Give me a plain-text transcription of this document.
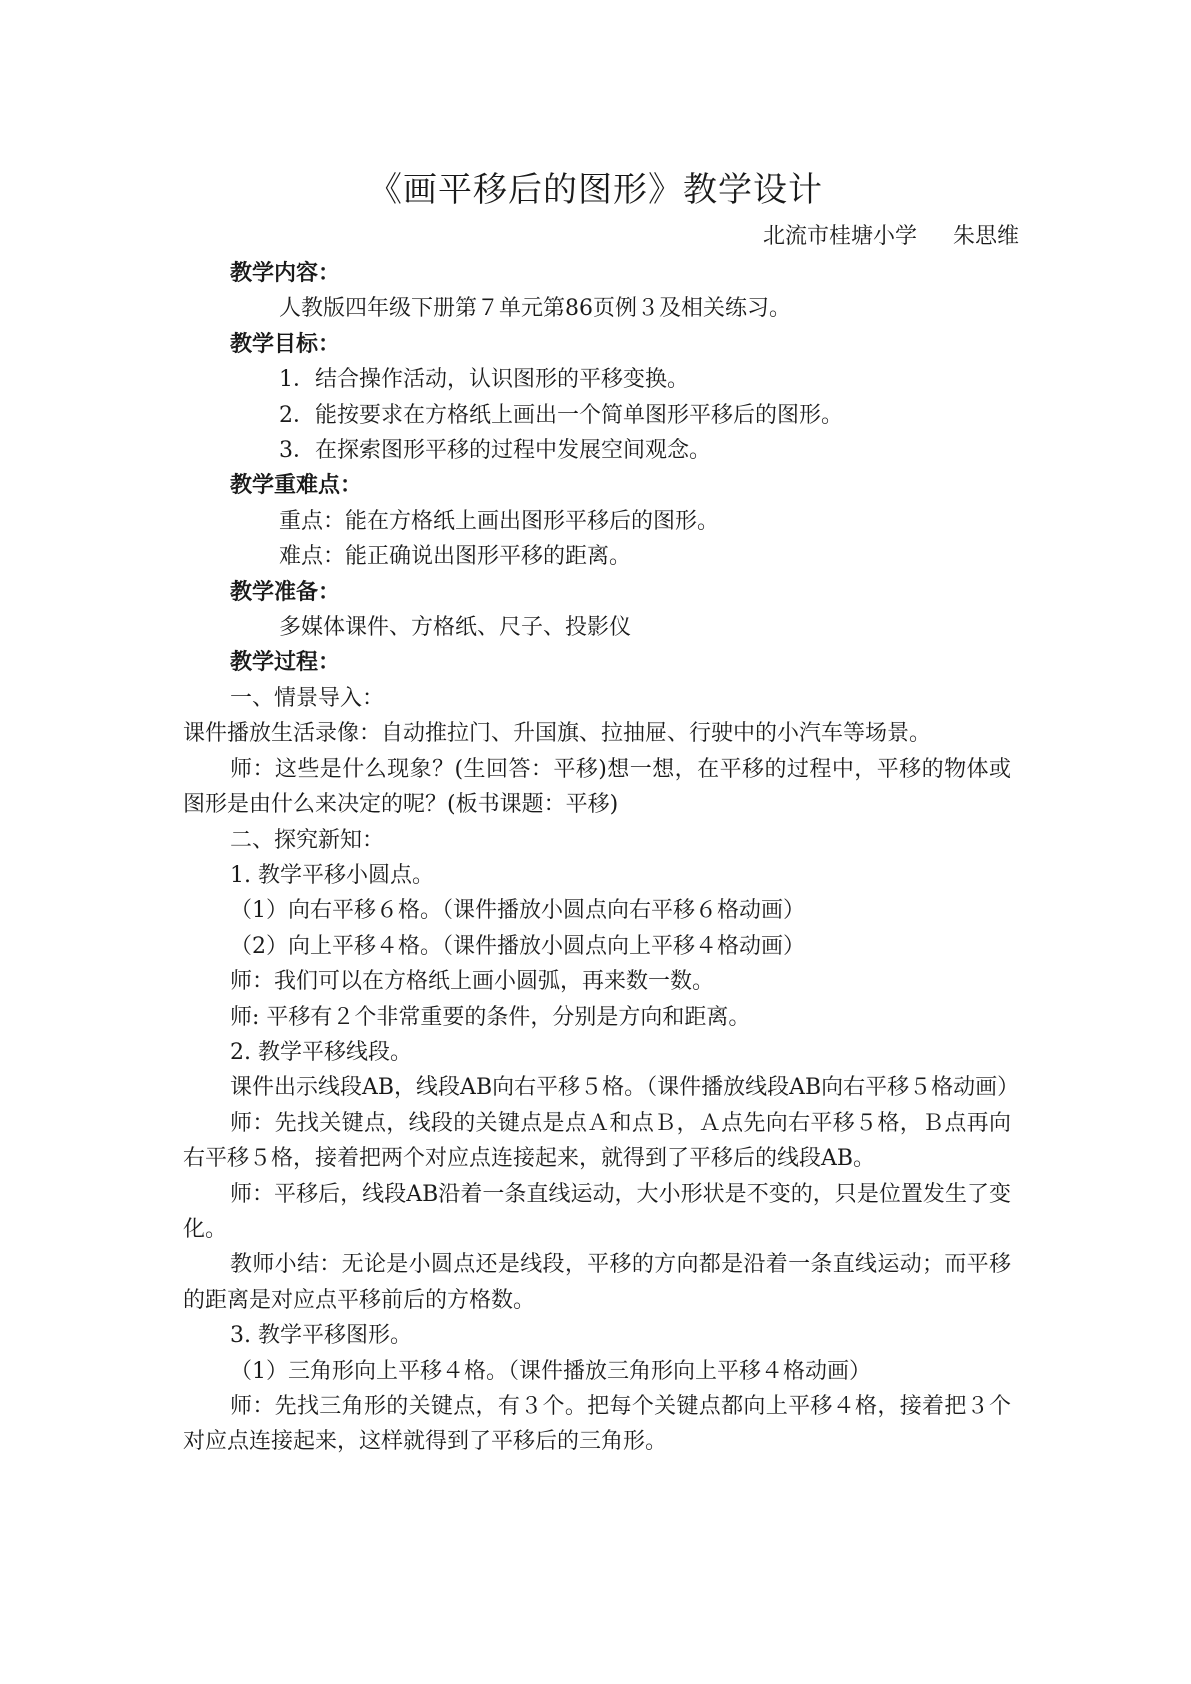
《画平移后的图形》教学设计
北流市桂塘小学 朱思维

教学内容：

人教版四年级下册第７单元第86页例３及相关练习。

教学目标：

1．结合操作活动，认识图形的平移变换。

2．能按要求在方格纸上画出一个简单图形平移后的图形。

3．在探索图形平移的过程中发展空间观念。

教学重难点：

重点：能在方格纸上画出图形平移后的图形。

难点：能正确说出图形平移的距离。

教学准备：

多媒体课件、方格纸、尺子、投影仪

教学过程：

一、情景导入：

课件播放生活录像：自动推拉门、升国旗、拉抽屉、行驶中的小汽车等场景。

师：这些是什么现象？(生回答：平移)想一想，在平移的过程中，平移的物体或图形是由什么来决定的呢？(板书课题：平移)

二、探究新知：

1. 教学平移小圆点。

（1）向右平移６格。（课件播放小圆点向右平移６格动画）

（2）向上平移４格。（课件播放小圆点向上平移４格动画）

师：我们可以在方格纸上画小圆弧，再来数一数。

师: 平移有２个非常重要的条件，分别是方向和距离。

2. 教学平移线段。

课件出示线段AB，线段AB向右平移５格。（课件播放线段AB向右平移５格动画）

师：先找关键点，线段的关键点是点Ａ和点Ｂ，Ａ点先向右平移５格，Ｂ点再向右平移５格，接着把两个对应点连接起来，就得到了平移后的线段AB。

师：平移后，线段AB沿着一条直线运动，大小形状是不变的，只是位置发生了变化。

教师小结：无论是小圆点还是线段，平移的方向都是沿着一条直线运动；而平移的距离是对应点平移前后的方格数。

3. 教学平移图形。

（1）三角形向上平移４格。（课件播放三角形向上平移４格动画）

师：先找三角形的关键点，有３个。把每个关键点都向上平移４格，接着把３个对应点连接起来，这样就得到了平移后的三角形。
